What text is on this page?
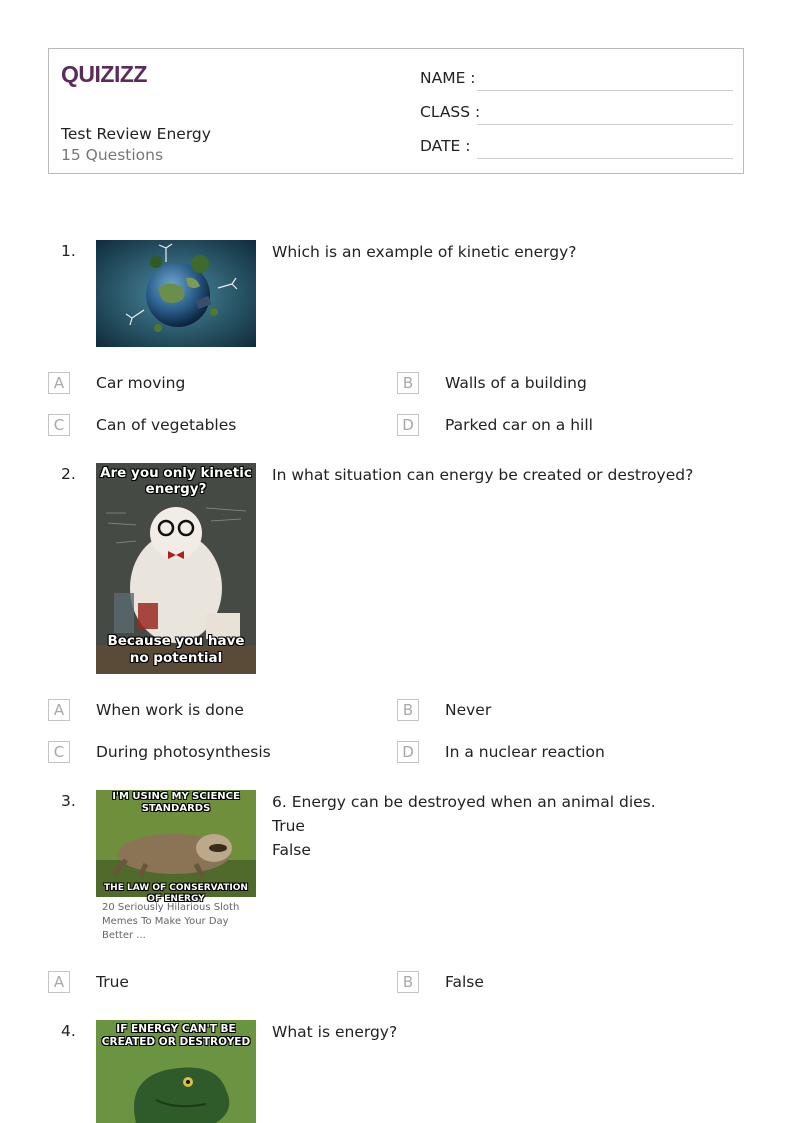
QUIZIZZ
Test Review Energy
15 Questions
NAME :
CLASS :
DATE :
1.	Which is an example of kinetic energy?
A	Car moving	B	Walls of a building
C	Can of vegetables	D	Parked car on a hill
2.	Are you only kinetic energy?
Because you have no potential
In what situation can energy be created or destroyed?
A	When work is done	B	Never
C	During photosynthesis	D	In a nuclear reaction
3.	I'M USING MY SCIENCE STANDARDS
THE LAW OF CONSERVATION OF ENERGY
20 Seriously Hilarious Sloth Memes To Make Your Day Better ...
6. Energy can be destroyed when an animal dies.
True
False
A	True	B	False
4.	IF ENERGY CAN'T BE CREATED OR DESTROYED
What is energy?
